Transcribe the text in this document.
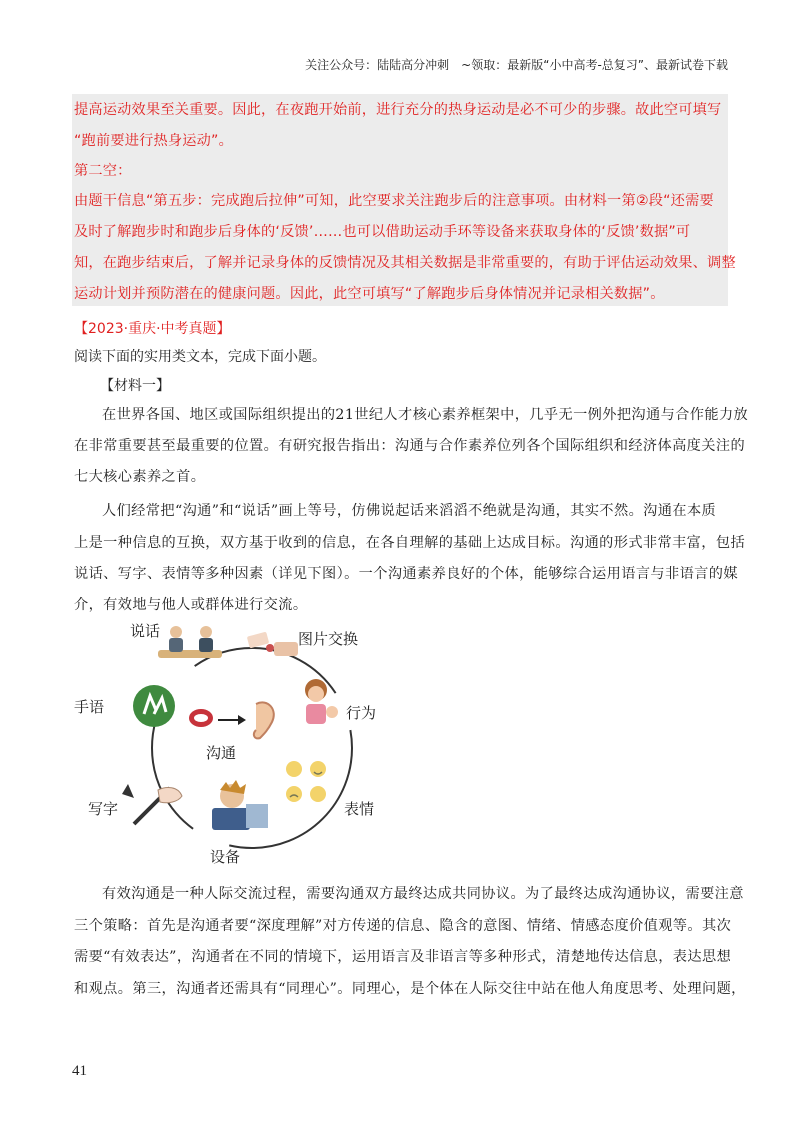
关注公众号：陆陆高分冲刺　~领取：最新版“小中高考-总复习”、最新试卷下载
提高运动效果至关重要。因此，在夜跑开始前，进行充分的热身运动是必不可少的步骤。故此空可填写
“跑前要进行热身运动”。
第二空：
由题干信息“第五步：完成跑后拉伸”可知，此空要求关注跑步后的注意事项。由材料一第②段“还需要
及时了解跑步时和跑步后身体的‘反馈’……也可以借助运动手环等设备来获取身体的‘反馈’数据”可
知，在跑步结束后，了解并记录身体的反馈情况及其相关数据是非常重要的，有助于评估运动效果、调整
运动计划并预防潜在的健康问题。因此，此空可填写“了解跑步后身体情况并记录相关数据”。
【2023·重庆·中考真题】
阅读下面的实用类文本，完成下面小题。
【材料一】
在世界各国、地区或国际组织提出的21世纪人才核心素养框架中，几乎无一例外把沟通与合作能力放
在非常重要甚至最重要的位置。有研究报告指出：沟通与合作素养位列各个国际组织和经济体高度关注的
七大核心素养之首。
人们经常把“沟通”和“说话”画上等号，仿佛说起话来滔滔不绝就是沟通，其实不然。沟通在本质
上是一种信息的互换，双方基于收到的信息，在各自理解的基础上达成目标。沟通的形式非常丰富，包括
说话、写字、表情等多种因素（详见下图）。一个沟通素养良好的个体，能够综合运用语言与非语言的媒
介，有效地与他人或群体进行交流。
说话	图片交换
行为
表情
设备
写字
手语
沟通
有效沟通是一种人际交流过程，需要沟通双方最终达成共同协议。为了最终达成沟通协议，需要注意
三个策略：首先是沟通者要“深度理解”对方传递的信息、隐含的意图、情绪、情感态度价值观等。其次
需要“有效表达”，沟通者在不同的情境下，运用语言及非语言等多种形式，清楚地传达信息，表达思想
和观点。第三，沟通者还需具有“同理心”。同理心，是个体在人际交往中站在他人角度思考、处理问题，
41
